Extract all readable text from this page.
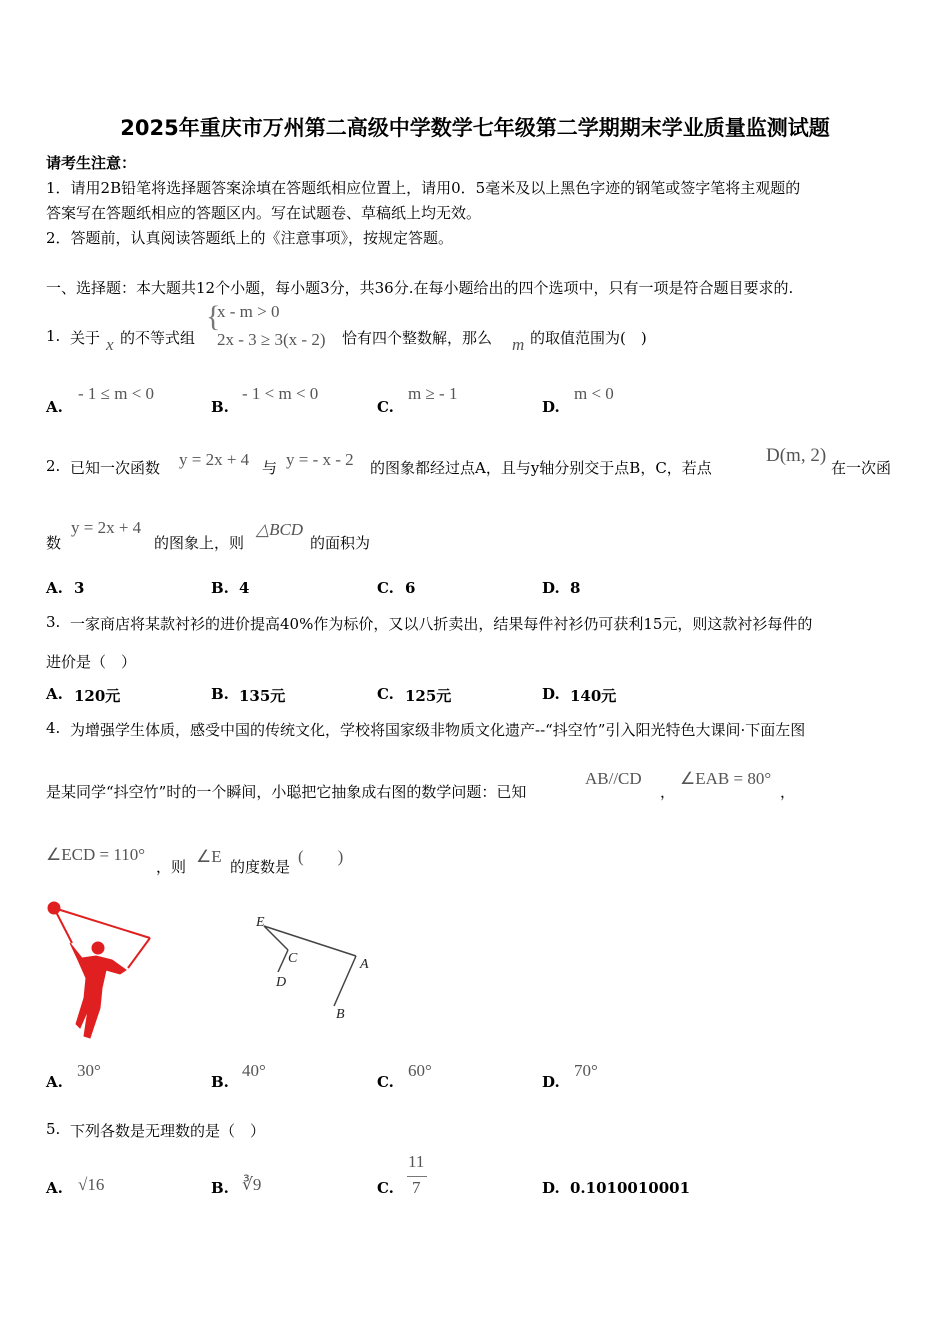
2025年重庆市万州第二高级中学数学七年级第二学期期末学业质量监测试题
请考生注意：
1．请用2B铅笔将选择题答案涂填在答题纸相应位置上，请用0．5毫米及以上黑色字迹的钢笔或签字笔将主观题的
答案写在答题纸相应的答题区内。写在试题卷、草稿纸上均无效。
2．答题前，认真阅读答题纸上的《注意事项》，按规定答题。
一、选择题：本大题共12个小题，每小题3分，共36分.在每小题给出的四个选项中，只有一项是符合题目要求的.
1. 关于 x 的不等式组
{
x - m > 0
2x - 3 ≥ 3(x - 2) 恰有四个整数解，那么 m 的取值范围为(　)
A.
- 1 ≤ m < 0
B.
- 1 < m < 0
C.
m ≥ - 1
D.
m < 0
2. 已知一次函数 y = 2x + 4 与 y = - x - 2 的图象都经过点A，且与y轴分别交于点B，C，若点
D(m, 2)
在一次函
数
y = 2x + 4
的图象上，则
△BCD
的面积为
A. 3	B. 4	C. 6	D. 8
3. 一家商店将某款衬衫的进价提高40%作为标价，又以八折卖出，结果每件衬衫仍可获利15元，则这款衬衫每件的
进价是（　）
A. 120元	B. 135元	C. 125元	D. 140元
4. 为增强学生体质，感受中国的传统文化，学校将国家级非物质文化遗产--“抖空竹”引入阳光特色大课间·下面左图
是某同学“抖空竹”时的一个瞬间，小聪把它抽象成右图的数学问题：已知
AB//CD
，
∠EAB = 80°
，
∠ECD = 110°
，则
∠E
的度数是
(　　)
E
C
D
A
B
A.
30°
B.
40°
C.
60°
D.
70°
5. 下列各数是无理数的是（　）
A. √16	B. ∛9	C.
11
7	D. 0.1010010001
